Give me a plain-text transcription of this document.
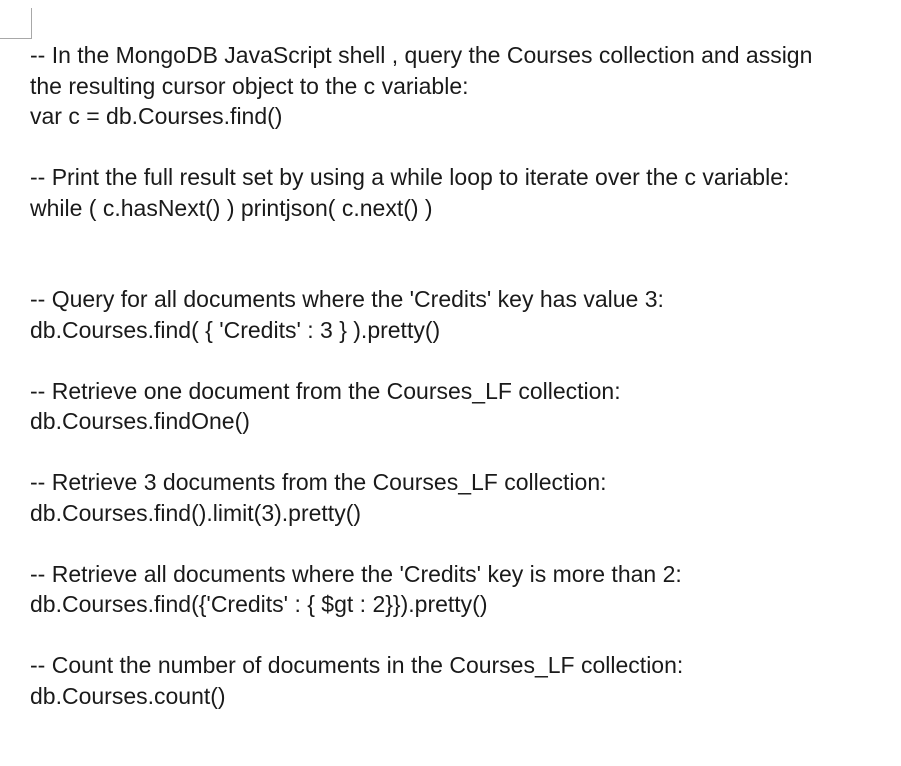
-- In the MongoDB JavaScript shell , query the Courses collection and assign
the resulting cursor object to the c variable:
var c = db.Courses.find()
-- Print the full result set by using a while loop to iterate over the c variable:
while ( c.hasNext() ) printjson( c.next() )
-- Query for all documents where the 'Credits' key has value 3:
db.Courses.find( { 'Credits' : 3 } ).pretty()
-- Retrieve one document from the Courses_LF collection:
db.Courses.findOne()
-- Retrieve 3 documents from the Courses_LF collection:
db.Courses.find().limit(3).pretty()
-- Retrieve all documents where the 'Credits' key is more than 2:
db.Courses.find({'Credits' : { $gt : 2}}).pretty()
-- Count the number of documents in the Courses_LF collection:
db.Courses.count()
